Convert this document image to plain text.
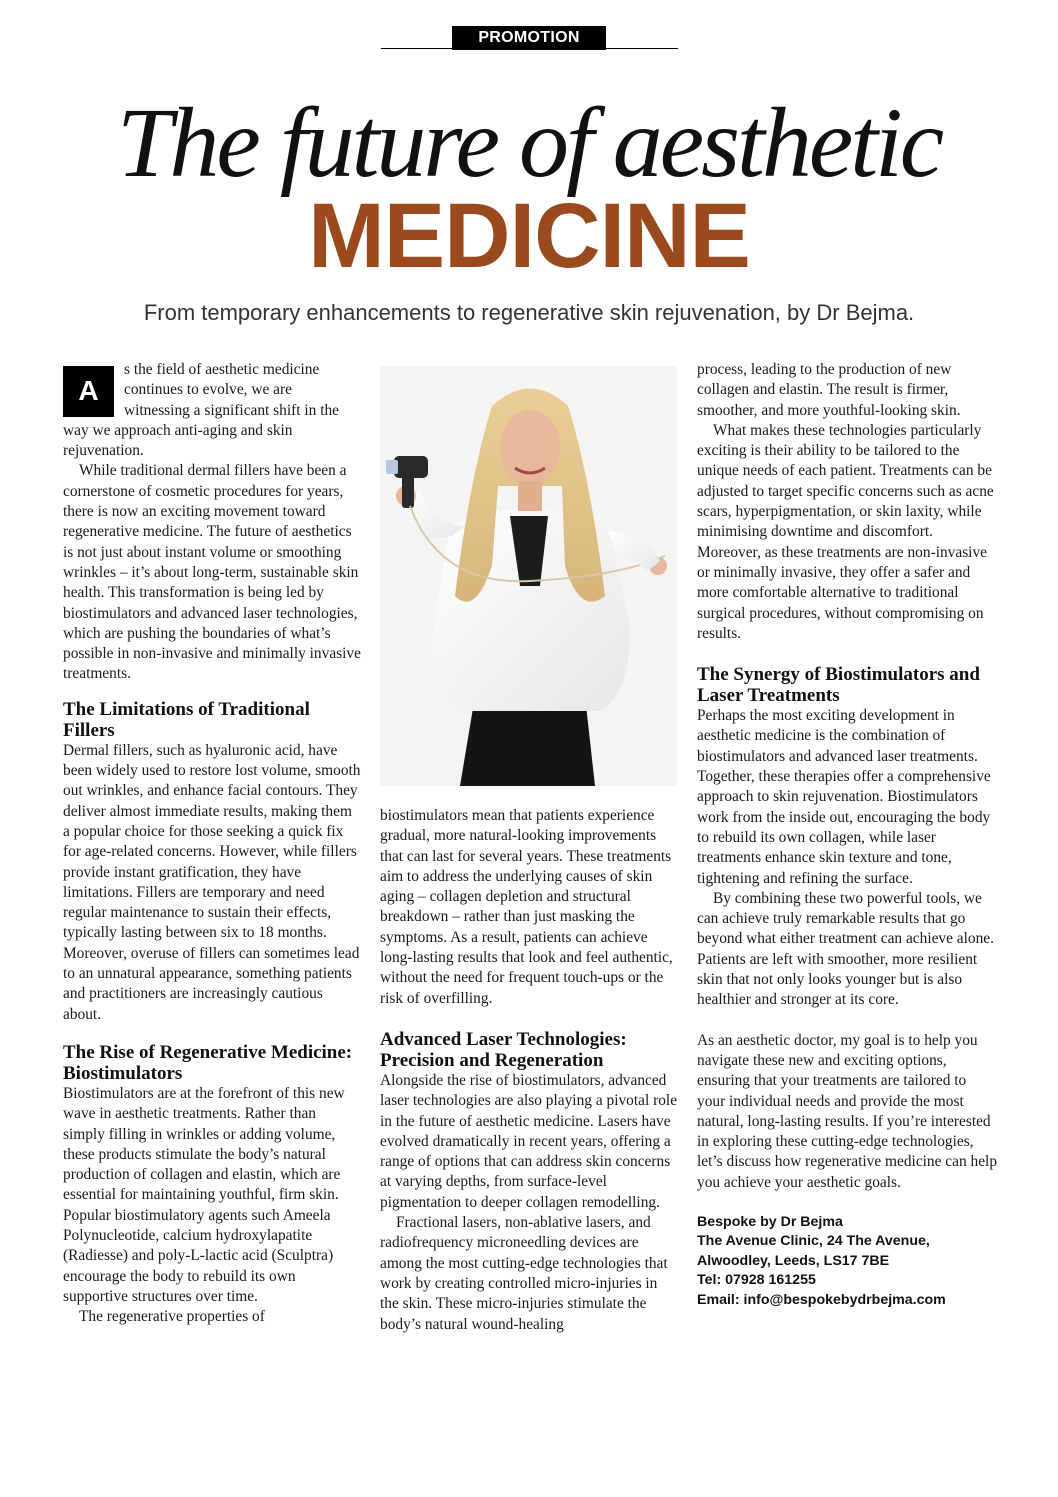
PROMOTION
The future of aesthetic
MEDICINE
From temporary enhancements to regenerative skin rejuvenation, by Dr Bejma.

A
s the field of aesthetic medicine continues to evolve, we are witnessing a significant shift in the way we approach anti-aging and skin rejuvenation.

While traditional dermal fillers have been a cornerstone of cosmetic procedures for years, there is now an exciting movement toward regenerative medicine. The future of aesthetics is not just about instant volume or smoothing wrinkles – it’s about long-term, sustainable skin health. This transformation is being led by biostimulators and advanced laser technologies, which are pushing the boundaries of what’s possible in non-invasive and minimally invasive treatments.

The Limitations of Traditional Fillers

Dermal fillers, such as hyaluronic acid, have been widely used to restore lost volume, smooth out wrinkles, and enhance facial contours. They deliver almost immediate results, making them a popular choice for those seeking a quick fix for age-related concerns. However, while fillers provide instant gratification, they have limitations. Fillers are temporary and need regular maintenance to sustain their effects, typically lasting between six to 18 months. Moreover, overuse of fillers can sometimes lead to an unnatural appearance, something patients and practitioners are increasingly cautious about.

The Rise of Regenerative Medicine: Biostimulators

Biostimulators are at the forefront of this new wave in aesthetic treatments. Rather than simply filling in wrinkles or adding volume, these products stimulate the body’s natural production of collagen and elastin, which are essential for maintaining youthful, firm skin. Popular biostimulatory agents such Ameela Polynucleotide, calcium hydroxylapatite (Radiesse) and poly-L-lactic acid (Sculptra) encourage the body to rebuild its own supportive structures over time.

The regenerative properties of

biostimulators mean that patients experience gradual, more natural-looking improvements that can last for several years. These treatments aim to address the underlying causes of skin aging – collagen depletion and structural breakdown – rather than just masking the symptoms. As a result, patients can achieve long-lasting results that look and feel authentic, without the need for frequent touch-ups or the risk of overfilling.

Advanced Laser Technologies: Precision and Regeneration

Alongside the rise of biostimulators, advanced laser technologies are also playing a pivotal role in the future of aesthetic medicine. Lasers have evolved dramatically in recent years, offering a range of options that can address skin concerns at varying depths, from surface-level pigmentation to deeper collagen remodelling.

Fractional lasers, non-ablative lasers, and radiofrequency microneedling devices are among the most cutting-edge technologies that work by creating controlled micro-injuries in the skin. These micro-injuries stimulate the body’s natural wound-healing

process, leading to the production of new collagen and elastin. The result is firmer, smoother, and more youthful-looking skin.

What makes these technologies particularly exciting is their ability to be tailored to the unique needs of each patient. Treatments can be adjusted to target specific concerns such as acne scars, hyperpigmentation, or skin laxity, while minimising downtime and discomfort. Moreover, as these treatments are non-invasive or minimally invasive, they offer a safer and more comfortable alternative to traditional surgical procedures, without compromising on results.

The Synergy of Biostimulators and Laser Treatments

Perhaps the most exciting development in aesthetic medicine is the combination of biostimulators and advanced laser treatments. Together, these therapies offer a comprehensive approach to skin rejuvenation. Biostimulators work from the inside out, encouraging the body to rebuild its own collagen, while laser treatments enhance skin texture and tone, tightening and refining the surface.

By combining these two powerful tools, we can achieve truly remarkable results that go beyond what either treatment can achieve alone. Patients are left with smoother, more resilient skin that not only looks younger but is also healthier and stronger at its core.

As an aesthetic doctor, my goal is to help you navigate these new and exciting options, ensuring that your treatments are tailored to your individual needs and provide the most natural, long-lasting results. If you’re interested in exploring these cutting-edge technologies, let’s discuss how regenerative medicine can help you achieve your aesthetic goals.

Bespoke by Dr Bejma
The Avenue Clinic, 24 The Avenue,
Alwoodley, Leeds, LS17 7BE
Tel: 07928 161255
Email: info@bespokebydrbejma.com
